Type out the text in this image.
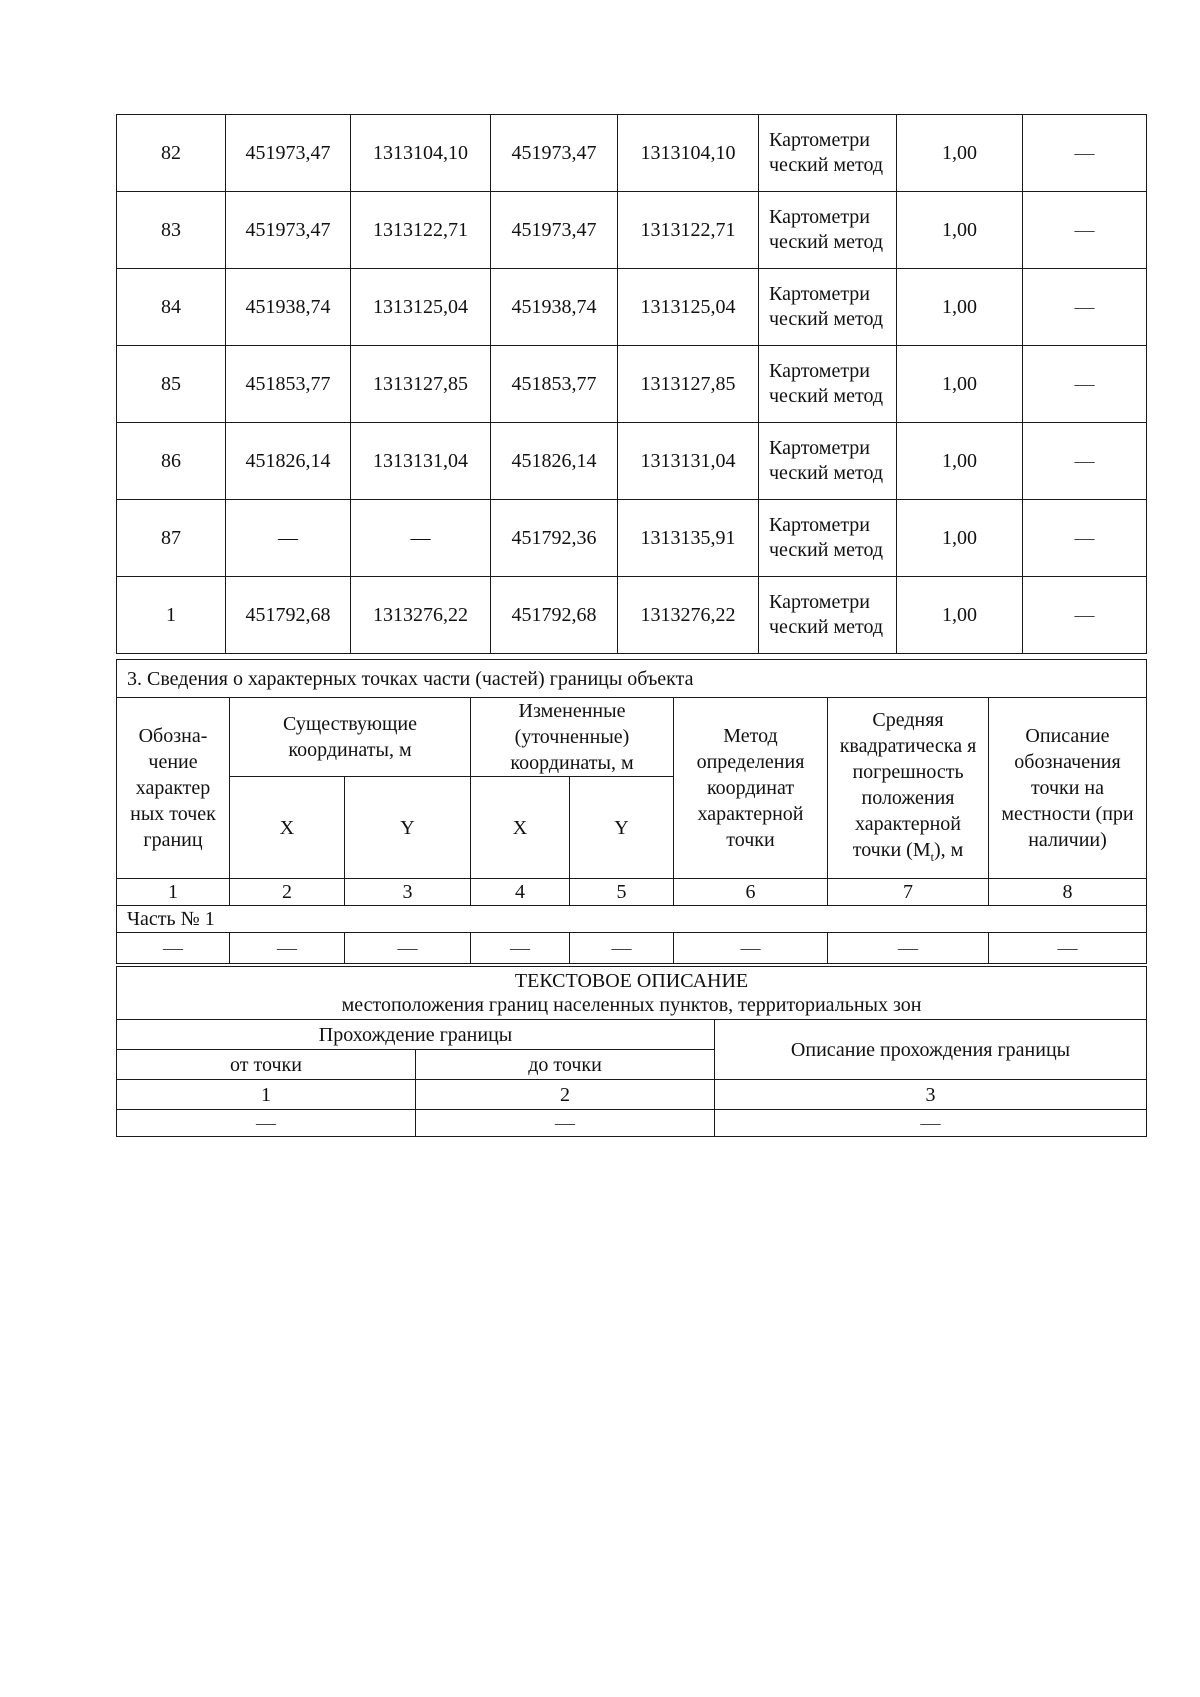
82	451973,47	1313104,10	451973,47	1313104,10	Картометри ческий метод	1,00	—
83	451973,47	1313122,71	451973,47	1313122,71	Картометри ческий метод	1,00	—
84	451938,74	1313125,04	451938,74	1313125,04	Картометри ческий метод	1,00	—
85	451853,77	1313127,85	451853,77	1313127,85	Картометри ческий метод	1,00	—
86	451826,14	1313131,04	451826,14	1313131,04	Картометри ческий метод	1,00	—
87	—	—	451792,36	1313135,91	Картометри ческий метод	1,00	—
1	451792,68	1313276,22	451792,68	1313276,22	Картометри ческий метод	1,00	—
3. Сведения о характерных точках части (частей) границы объекта							
Обозна- чение характер ных точек границ	Существующие координаты, м		Измененные (уточненные) координаты, м		Метод определения координат характерной точки	Средняя квадратическа я погрешность положения характерной точки $(M_t)$, м	Описание обозначения точки на местности (при наличии)
	X	Y	X	Y			
1	2	3	4	5	6	7	8
Часть № 1							
—	—	—	—	—	—	—	—
ТЕКСТОВОЕ ОПИСАНИЕ
местоположения границ населенных пунктов, территориальных зон		

Прохождение границы		Описание прохождения границы
от точки	до точки	
1	2	3
—	—	—
